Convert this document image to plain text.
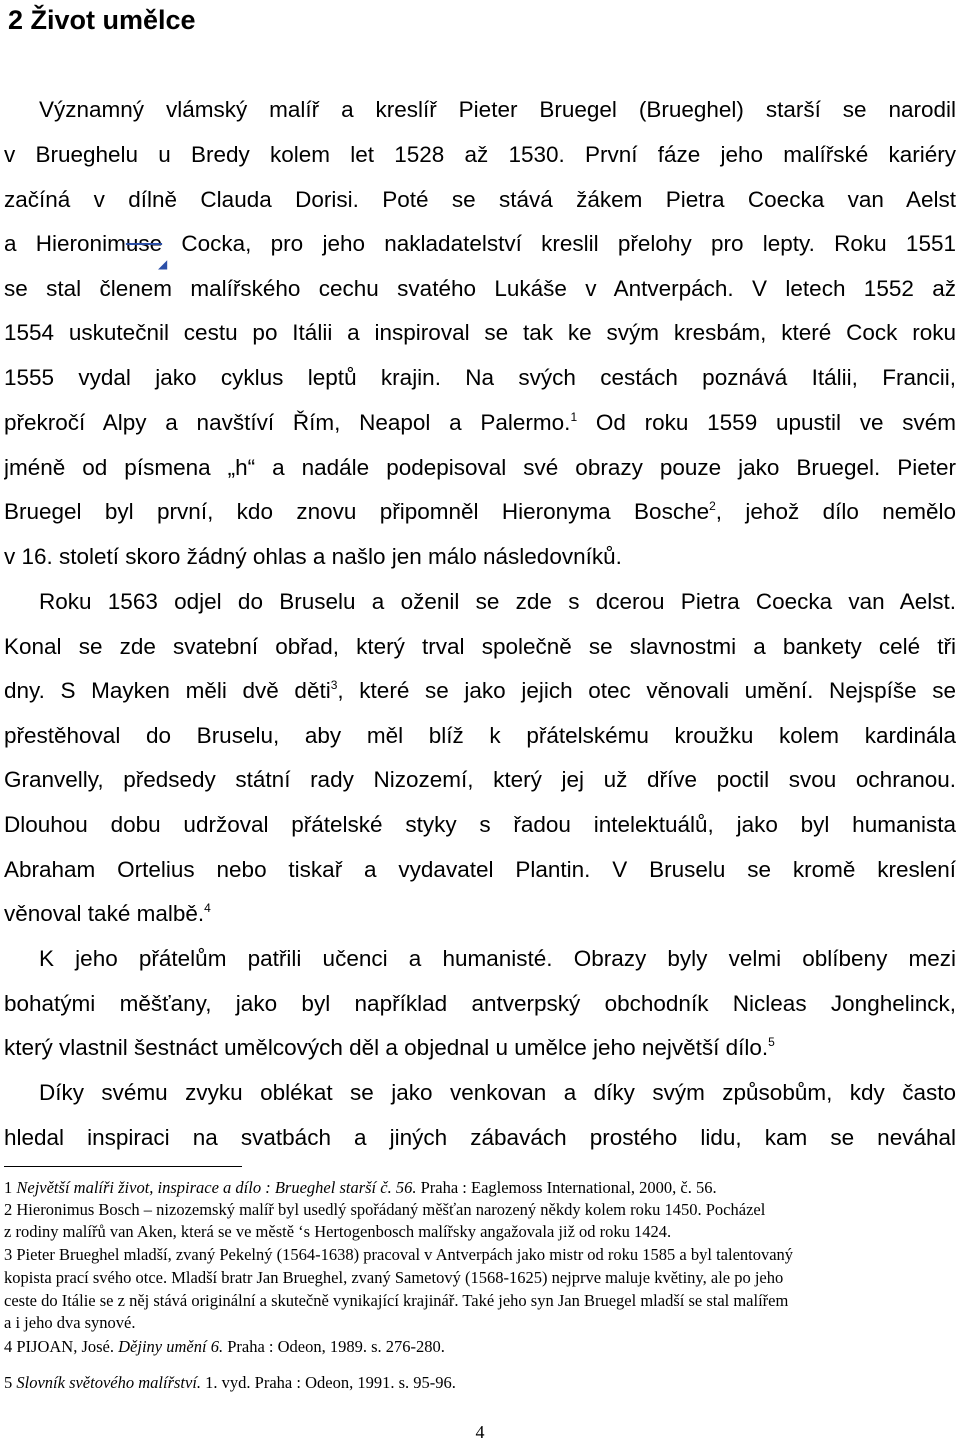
2 Život umělce
Významný vlámský malíř a kreslíř Pieter Bruegel (Brueghel) starší se narodil
v Brueghelu u Bredy kolem let 1528 až 1530. První fáze jeho malířské kariéry
začíná v dílně Clauda Dorisi. Poté se stává žákem Pietra Coecka van Aelst
a Hieronimuse Cocka, pro jeho nakladatelství kreslil přelohy pro lepty. Roku 1551
◢
se stal členem malířského cechu svatého Lukáše v Antverpách. V letech 1552 až
1554 uskutečnil cestu po Itálii a inspiroval se tak ke svým kresbám, které Cock roku
1555 vydal jako cyklus leptů krajin. Na svých cestách poznává Itálii, Francii,
překročí Alpy a navštíví Řím, Neapol a Palermo.$^1$ Od roku 1559 upustil ve svém
jméně od písmena „h“ a nadále podepisoval své obrazy pouze jako Bruegel. Pieter
Bruegel byl první, kdo znovu připomněl Hieronyma Bosche$^2$, jehož dílo nemělo
v 16. století skoro žádný ohlas a našlo jen málo následovníků.
Roku 1563 odjel do Bruselu a oženil se zde s dcerou Pietra Coecka van Aelst.
Konal se zde svatební obřad, který trval společně se slavnostmi a bankety celé tři
dny. S Mayken měli dvě děti$^3$, které se jako jejich otec věnovali umění. Nejspíše se
přestěhoval do Bruselu, aby měl blíž k přátelskému kroužku kolem kardinála
Granvelly, předsedy státní rady Nizozemí, který jej už dříve poctil svou ochranou.
Dlouhou dobu udržoval přátelské styky s řadou intelektuálů, jako byl humanista
Abraham Ortelius nebo tiskař a vydavatel Plantin. V Bruselu se kromě kreslení
věnoval také malbě.$^4$
K jeho přátelům patřili učenci a humanisté. Obrazy byly velmi oblíbeny mezi
bohatými měšťany, jako byl například antverpský obchodník Nicleas Jonghelinck,
který vlastnil šestnáct umělcových děl a objednal u umělce jeho největší dílo.$^5$
Díky svému zvyku oblékat se jako venkovan a díky svým způsobům, kdy často
hledal inspiraci na svatbách a jiných zábavách prostého lidu, kam se neváhal
1 Největší malíři život, inspirace a dílo : Brueghel starší č. 56. Praha : Eaglemoss International, 2000, č. 56.
2 Hieronimus Bosch – nizozemský malíř byl usedlý spořádaný měšťan narozený někdy kolem roku 1450. Pocházel
z rodiny malířů van Aken, která se ve městě ‘s Hertogenbosch malířsky angažovala již od roku 1424.
3 Pieter Brueghel mladší, zvaný Pekelný (1564-1638) pracoval v Antverpách jako mistr od roku 1585 a byl talentovaný
kopista prací svého otce. Mladší bratr Jan Brueghel, zvaný Sametový (1568-1625) nejprve maluje květiny, ale po jeho
ceste do Itálie se z něj stává originální a skutečně vynikající krajinář. Také jeho syn Jan Bruegel mladší se stal malířem
a i jeho dva synové.
4 PIJOAN, José. Dějiny umění 6. Praha : Odeon, 1989. s. 276-280.
5 Slovník světového malířství. 1. vyd. Praha : Odeon, 1991. s. 95-96.
4
